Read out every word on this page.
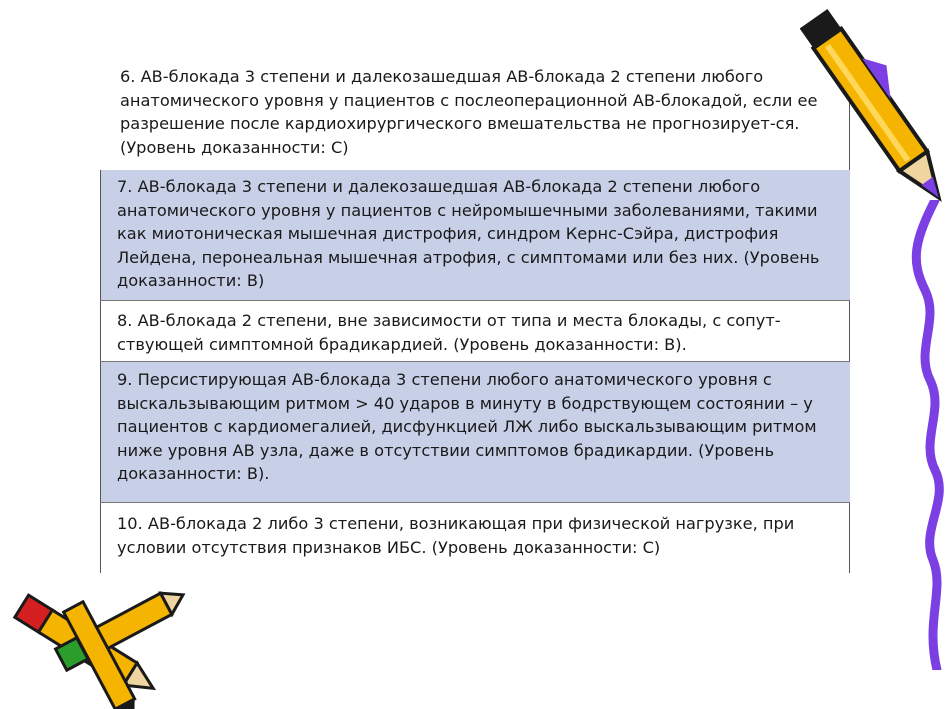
6. АВ-блокада 3 степени и далекозашедшая АВ-блокада 2 степени любого анатомического уровня у пациентов с послеоперационной АВ-блокадой, если ее разрешение после кардиохирургического вмешательства не прогнозирует-ся. (Уровень доказанности: С)
7. АВ-блокада 3 степени и далекозашедшая АВ-блокада 2 степени любого анатомического уровня у пациентов с нейромышечными заболеваниями, такими как миотоническая мышечная дистрофия, синдром Кернс-Сэйра, дистрофия Лейдена, перонеальная мышечная атрофия, с симптомами или без них. (Уровень доказанности: В)
8. АВ-блокада 2 степени, вне зависимости от типа и места блокады, с сопут-ствующей симптомной брадикардией. (Уровень доказанности: В).
9. Персистирующая АВ-блокада 3 степени любого анатомического уровня с выскальзывающим ритмом > 40 ударов в минуту в бодрствующем состоянии – у пациентов с кардиомегалией, дисфункцией ЛЖ либо выскальзывающим ритмом ниже уровня АВ узла, даже в отсутствии симптомов брадикардии. (Уровень доказанности: В).
10. АВ-блокада 2 либо 3 степени, возникающая при физической нагрузке, при условии отсутствия признаков ИБС. (Уровень доказанности: С)
